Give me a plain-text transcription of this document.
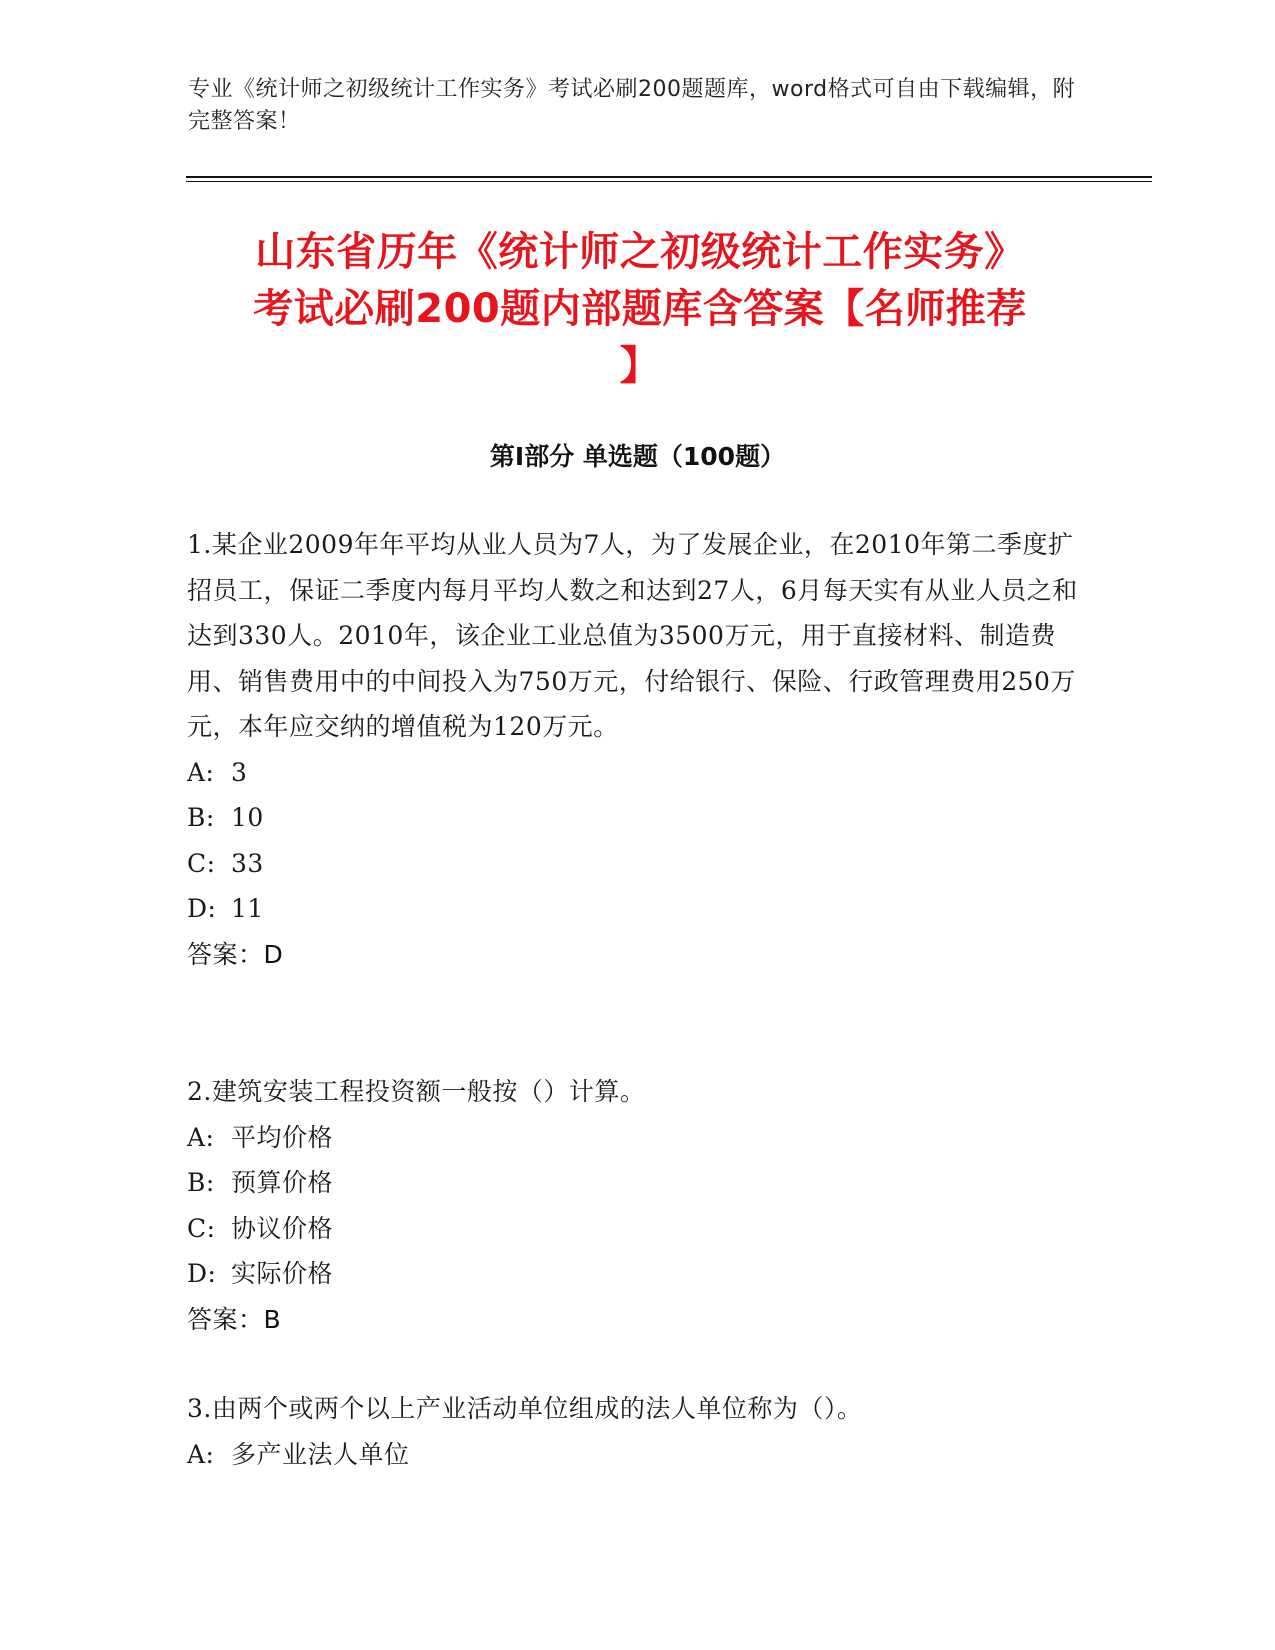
专业《统计师之初级统计工作实务》考试必刷200题题库，word格式可自由下载编辑，附完整答案！
山东省历年《统计师之初级统计工作实务》
考试必刷200题内部题库含答案【名师推荐
】
第I部分 单选题（100题）

1.某企业2009年年平均从业人员为7人，为了发展企业，在2010年第二季度扩招员工，保证二季度内每月平均人数之和达到27人，6月每天实有从业人员之和达到330人。2010年，该企业工业总值为3500万元，用于直接材料、制造费用、销售费用中的中间投入为750万元，付给银行、保险、行政管理费用250万元，本年应交纳的增值税为120万元。

A: 3

B: 10

C: 33

D: 11

答案：D

2.建筑安装工程投资额一般按（）计算。

A: 平均价格

B: 预算价格

C: 协议价格

D: 实际价格

答案：B

3.由两个或两个以上产业活动单位组成的法人单位称为（）。

A: 多产业法人单位
